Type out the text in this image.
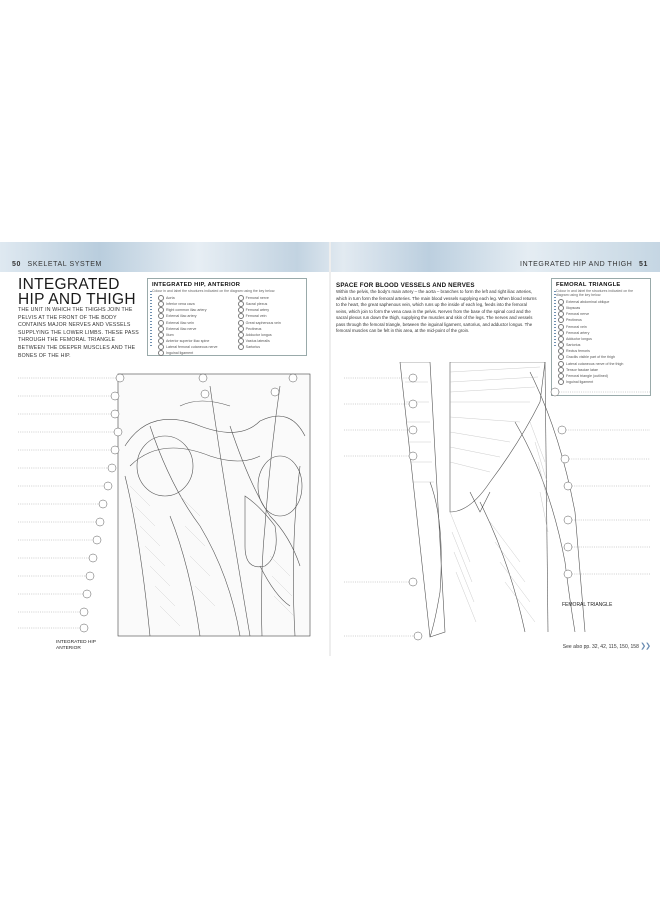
50 SKELETAL SYSTEM	INTEGRATED HIP AND THIGH 51
INTEGRATED
HIP AND THIGH
THE UNIT IN WHICH THE THIGHS JOIN THE PELVIS AT THE FRONT OF THE BODY CONTAINS MAJOR NERVES AND VESSELS SUPPLYING THE LOWER LIMBS. THESE PASS THROUGH THE FEMORAL TRIANGLE BETWEEN THE DEEPER MUSCLES AND THE BONES OF THE HIP.
INTEGRATED HIP, ANTERIOR
Colour in and label the structures indicated on the diagram using the key below.
Aorta
Inferior vena cava
Right common iliac artery
External iliac artery
External iliac vein
External iliac nerve
Ilium
Anterior superior iliac spine
Lateral femoral cutaneous nerve
Inguinal ligament
Femoral nerve
Sacral plexus
Femoral artery
Femoral vein
Great saphenous vein
Pectineus
Adductor longus
Vastus lateralis
Sartorius
INTEGRATED HIP
ANTERIOR
SPACE FOR BLOOD VESSELS AND NERVES
Within the pelvis, the body's main artery – the aorta – branches to form the left and right iliac arteries, which in turn form the femoral arteries. The main blood vessels supplying each leg. When blood returns to the heart, the great saphenous vein, which runs up the inside of each leg, feeds into the femoral veins, which join to form the vena cava in the pelvis. Nerves from the base of the spinal cord and the sacral plexus run down the thigh, supplying the muscles and skin of the legs. The nerves and vessels pass through the femoral triangle, between the inguinal ligament, sartorius, and adductor longus. The femoral muscles can be felt in this area, at the mid-point of the groin.
FEMORAL TRIANGLE
Colour in and label the structures indicated on the diagram using the key below.
External abdominal oblique
Iliopsoas
Femoral nerve
Pectineus
Femoral vein
Femoral artery
Adductor longus
Sartorius
Rectus femoris
Gracilis visible part of the thigh
Lateral cutaneous nerve of the thigh
Tensor fasciae latae
Femoral triangle (outlined)
Inguinal ligament
FEMORAL TRIANGLE
See also pp. 32, 42, 115, 150, 158 ❯❯
